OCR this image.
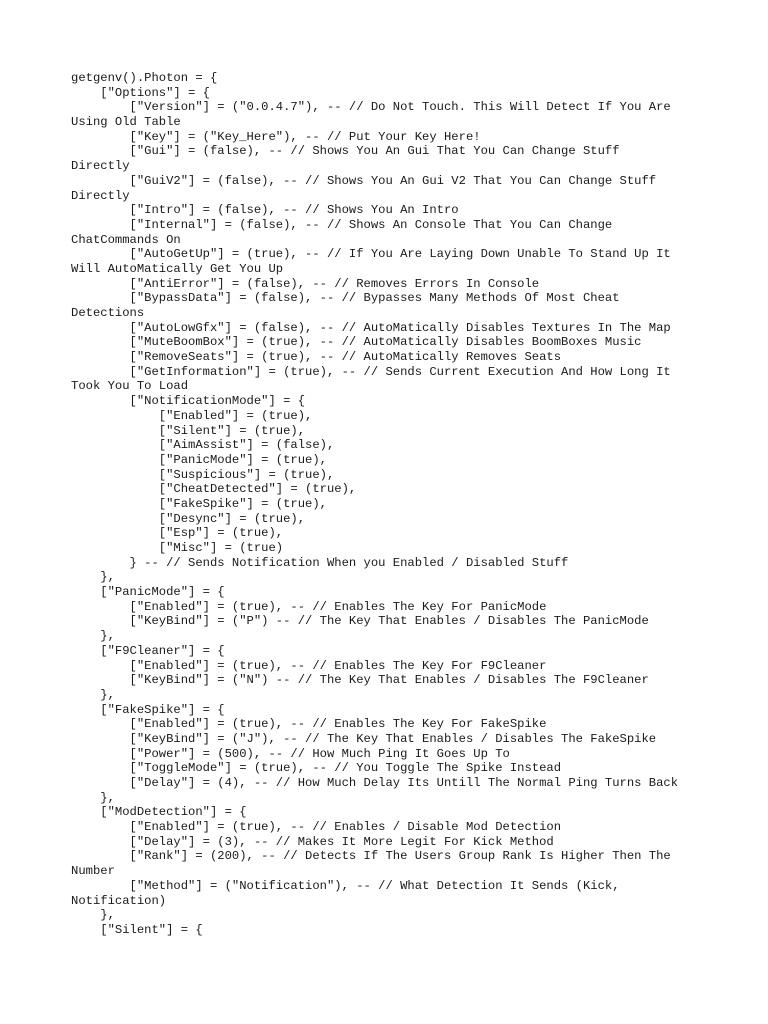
getgenv().Photon = {
["Options"] = {
["Version"] = ("0.0.4.7"), -- // Do Not Touch. This Will Detect If You Are
Using Old Table
["Key"] = ("Key_Here"), -- // Put Your Key Here!
["Gui"] = (false), -- // Shows You An Gui That You Can Change Stuff
Directly
["GuiV2"] = (false), -- // Shows You An Gui V2 That You Can Change Stuff
Directly
["Intro"] = (false), -- // Shows You An Intro
["Internal"] = (false), -- // Shows An Console That You Can Change
ChatCommands On
["AutoGetUp"] = (true), -- // If You Are Laying Down Unable To Stand Up It
Will AutoMatically Get You Up
["AntiError"] = (false), -- // Removes Errors In Console
["BypassData"] = (false), -- // Bypasses Many Methods Of Most Cheat
Detections
["AutoLowGfx"] = (false), -- // AutoMatically Disables Textures In The Map
["MuteBoomBox"] = (true), -- // AutoMatically Disables BoomBoxes Music
["RemoveSeats"] = (true), -- // AutoMatically Removes Seats
["GetInformation"] = (true), -- // Sends Current Execution And How Long It
Took You To Load
["NotificationMode"] = {
["Enabled"] = (true),
["Silent"] = (true),
["AimAssist"] = (false),
["PanicMode"] = (true),
["Suspicious"] = (true),
["CheatDetected"] = (true),
["FakeSpike"] = (true),
["Desync"] = (true),
["Esp"] = (true),
["Misc"] = (true)
} -- // Sends Notification When you Enabled / Disabled Stuff
},
["PanicMode"] = {
["Enabled"] = (true), -- // Enables The Key For PanicMode
["KeyBind"] = ("P") -- // The Key That Enables / Disables The PanicMode
},
["F9Cleaner"] = {
["Enabled"] = (true), -- // Enables The Key For F9Cleaner
["KeyBind"] = ("N") -- // The Key That Enables / Disables The F9Cleaner
},
["FakeSpike"] = {
["Enabled"] = (true), -- // Enables The Key For FakeSpike
["KeyBind"] = ("J"), -- // The Key That Enables / Disables The FakeSpike
["Power"] = (500), -- // How Much Ping It Goes Up To
["ToggleMode"] = (true), -- // You Toggle The Spike Instead
["Delay"] = (4), -- // How Much Delay Its Untill The Normal Ping Turns Back
},
["ModDetection"] = {
["Enabled"] = (true), -- // Enables / Disable Mod Detection
["Delay"] = (3), -- // Makes It More Legit For Kick Method
["Rank"] = (200), -- // Detects If The Users Group Rank Is Higher Then The
Number
["Method"] = ("Notification"), -- // What Detection It Sends (Kick,
Notification)
},
["Silent"] = {
